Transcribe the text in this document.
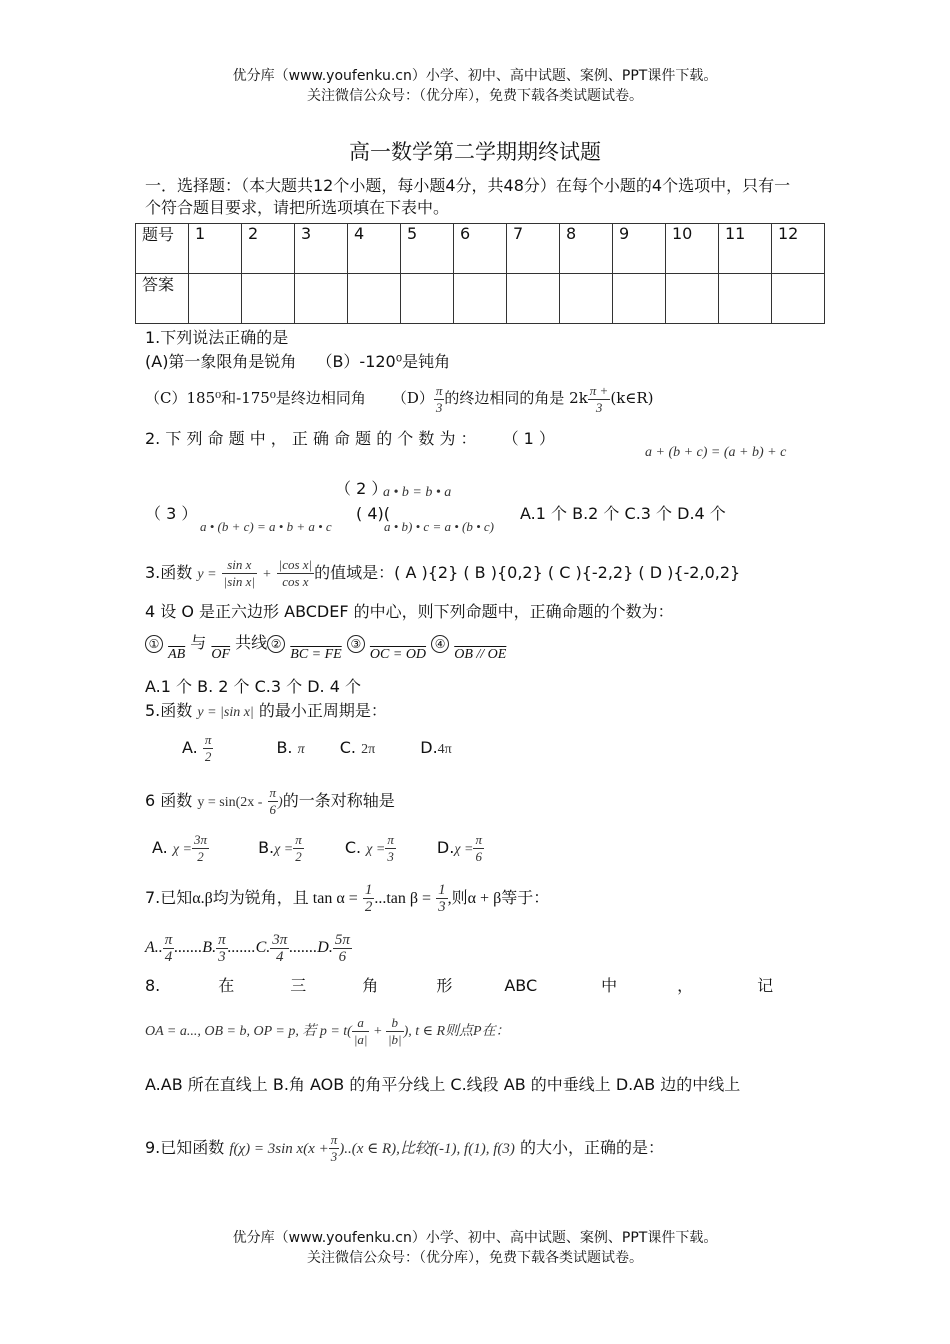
优分库（www.youfenku.cn）小学、初中、高中试题、案例、PPT课件下载。
关注微信公众号：（优分库），免费下载各类试题试卷。
高一数学第二学期期终试题
一．选择题：（本大题共12个小题，每小题4分，共48分）在每个小题的4个选项中，只有一个符合题目要求，请把所选项填在下表中。
题号	1	2	3	4	5	6	7	8	9	10	11	12
答案												
1.下列说法正确的是
(A)第一象限角是锐角 （B）-120⁰是钝角
（C）185⁰和-175⁰是终边相同角 $(D) \frac{\pi}{3}$ 的终边相同的角是 $2k \frac{\pi +}{3}$ (k∈R)
2. 下 列 命 题 中 ， 正 确 命 题 的 个 数 为 ： （ 1 ）
a + (b + c) = (a + b) + c
（ 2 ）
a • b = b • a
（ 3 ）
a • (b + c) = a • b + a • c
( 4)(
a • b) • c = a • (b • c)
A.1 个 B.2 个 C.3 个 D.4 个
3.函数 $y = \frac{\text{sin x}}{\text{|sin x|}} + \frac{\text{|cos x|}}{\text{cos x}}$ 的值域是：( A ){2} ( B ){0,2} ( C ){-2,2} ( D ){-2,0,2}
4 设 O 是正六边形 ABCDEF 的中心，则下列命题中，正确命题的个数为：
① $\overline{AB}$ 与 $\overline{OF}$ 共线 ② BC = FE ③ OC = OD ④ OB // OE
A.1 个 B. 2 个 C.3 个 D. 4 个
5.函数 y = |sin x| 的最小正周期是：
A. $\frac{\pi}{2}$	B. π C. 2π	D.4π
6 函数 $y = \sin(2x - \frac{\pi}{6}$ )的一条对称轴是
A. $\chi = \frac{3\pi}{2}$	$B.\chi = \frac{\pi}{2}$	C. $\chi = \frac{\pi}{3}$	$D.\chi = \frac{\pi}{6}$
7.已知α.β均为锐角，且 $\tan \alpha = \frac{1}{2} ...\tan$ $\beta = \frac{1}{3}$ ,则α + β等于：
A.. $\frac{\pi}{4} .......B$. $\frac{\pi}{3} .......C$. $\frac{3\pi}{4} .......D$. $\frac{5\pi}{6}$
8.	在	三	角	形	ABC	中	，	记
OA = a..., OB = b, OP = p, 若 $p = t( \frac{a}{|a|} + \frac{b}{|b|}$ ), t ∈ R则点P在：
A.AB 所在直线上 B.角 AOB 的角平分线上 C.线段 AB 的中垂线上 D.AB 边的中线上
9.已知函数 f(χ) = 3sin $x(x + \frac{\pi}{3} )..(x$ ∈ R),比较f(-1), f(1), f(3) 的大小，正确的是：
优分库（www.youfenku.cn）小学、初中、高中试题、案例、PPT课件下载。
关注微信公众号：（优分库），免费下载各类试题试卷。
